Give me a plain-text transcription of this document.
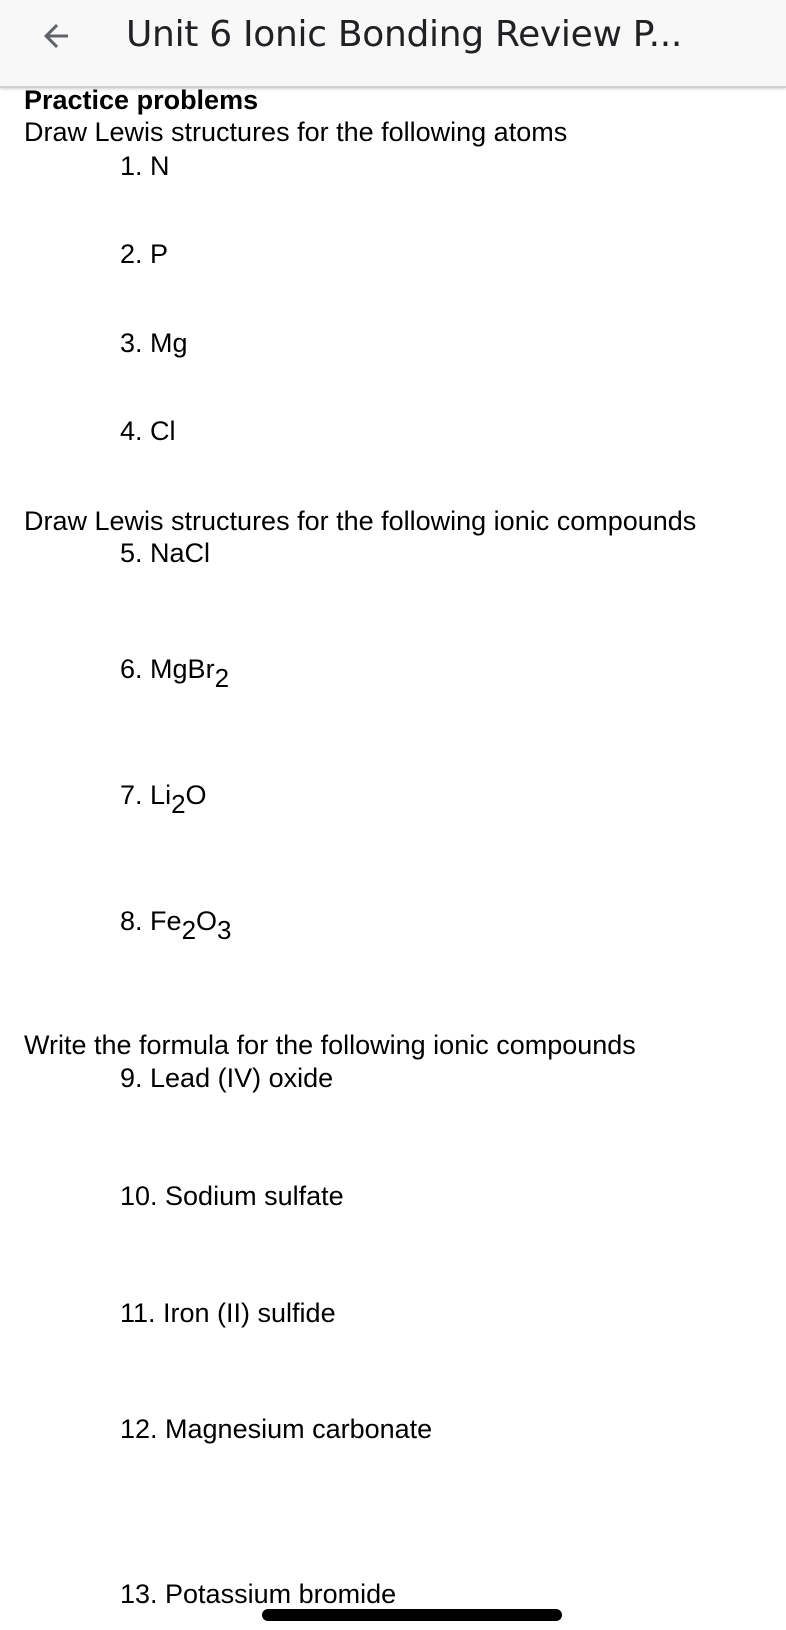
Unit 6 Ionic Bonding Review P...
Practice problems
Draw Lewis structures for the following atoms
1. N
2. P
3. Mg
4. Cl
Draw Lewis structures for the following ionic compounds
5. NaCl
6. MgBr$_2$
7. $Li_2O$
8. $Fe_2O_3$
Write the formula for the following ionic compounds
9. Lead (IV) oxide
10. Sodium sulfate
11. Iron (II) sulfide
12. Magnesium carbonate
13. Potassium bromide
